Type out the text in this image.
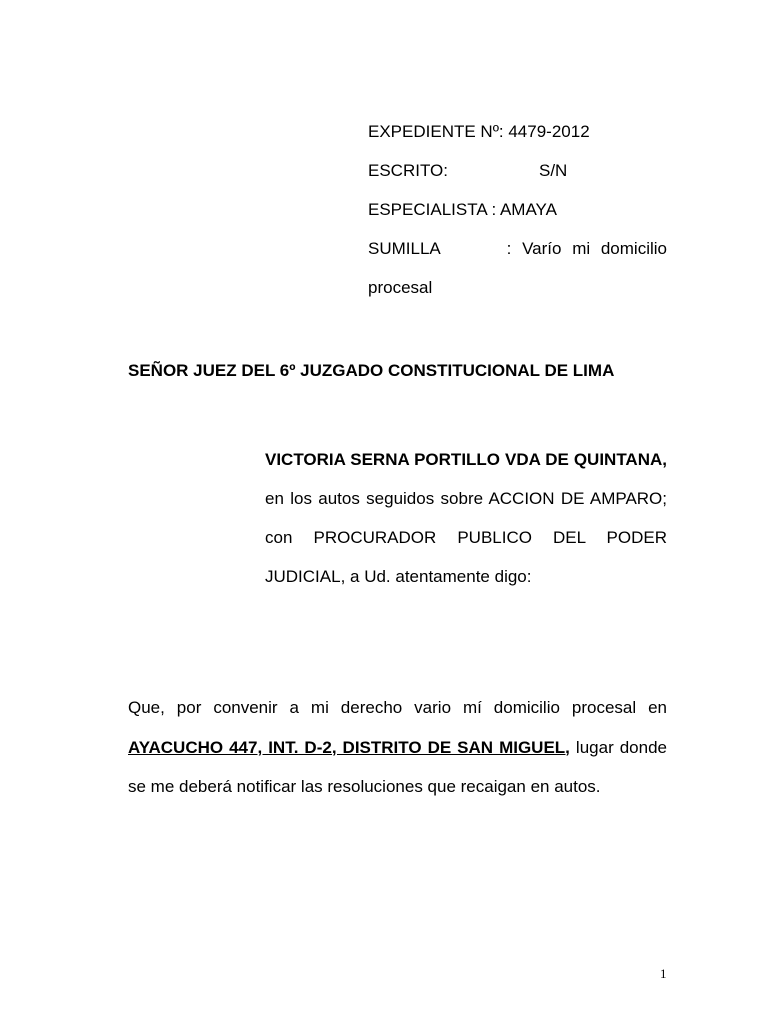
EXPEDIENTE Nº: 4479-2012
ESCRITO:	S/N
ESPECIALISTA : AMAYA
SUMILLA	: Varío mi domicilio
procesal
SEÑOR JUEZ DEL 6º JUZGADO CONSTITUCIONAL DE LIMA
VICTORIA SERNA PORTILLO VDA DE QUINTANA, en los autos seguidos sobre ACCION DE AMPARO; con PROCURADOR PUBLICO DEL PODER JUDICIAL, a Ud. atentamente digo:
Que, por convenir a mi derecho vario mí domicilio procesal en AYACUCHO 447, INT. D-2, DISTRITO DE SAN MIGUEL, lugar donde se me deberá notificar las resoluciones que recaigan en autos.
1
